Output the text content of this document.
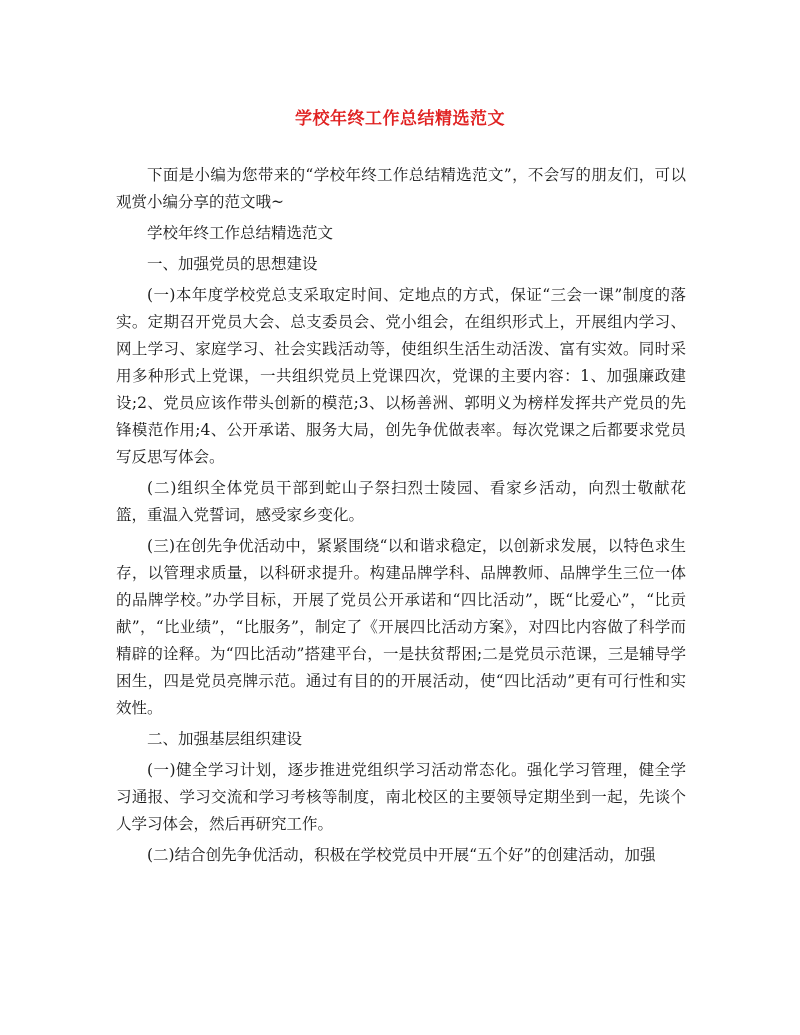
学校年终工作总结精选范文

下面是小编为您带来的“学校年终工作总结精选范文”，不会写的朋友们，可以观赏小编分享的范文哦~

学校年终工作总结精选范文

一、加强党员的思想建设

(一)本年度学校党总支采取定时间、定地点的方式，保证“三会一课”制度的落实。定期召开党员大会、总支委员会、党小组会，在组织形式上，开展组内学习、网上学习、家庭学习、社会实践活动等，使组织生活生动活泼、富有实效。同时采用多种形式上党课，一共组织党员上党课四次，党课的主要内容：1、加强廉政建设;2、党员应该作带头创新的模范;3、以杨善洲、郭明义为榜样发挥共产党员的先锋模范作用;4、公开承诺、服务大局，创先争优做表率。每次党课之后都要求党员写反思写体会。

(二)组织全体党员干部到蛇山子祭扫烈士陵园、看家乡活动，向烈士敬献花篮，重温入党誓词，感受家乡变化。

(三)在创先争优活动中，紧紧围绕“以和谐求稳定，以创新求发展，以特色求生存，以管理求质量，以科研求提升。构建品牌学科、品牌教师、品牌学生三位一体的品牌学校。”办学目标，开展了党员公开承诺和“四比活动”，既“比爱心”，“比贡献”，“比业绩”，“比服务”，制定了《开展四比活动方案》，对四比内容做了科学而精辟的诠释。为“四比活动”搭建平台，一是扶贫帮困;二是党员示范课，三是辅导学困生，四是党员亮牌示范。通过有目的的开展活动，使“四比活动”更有可行性和实效性。

二、加强基层组织建设

(一)健全学习计划，逐步推进党组织学习活动常态化。强化学习管理，健全学习通报、学习交流和学习考核等制度，南北校区的主要领导定期坐到一起，先谈个人学习体会，然后再研究工作。

(二)结合创先争优活动，积极在学校党员中开展“五个好”的创建活动，加强
